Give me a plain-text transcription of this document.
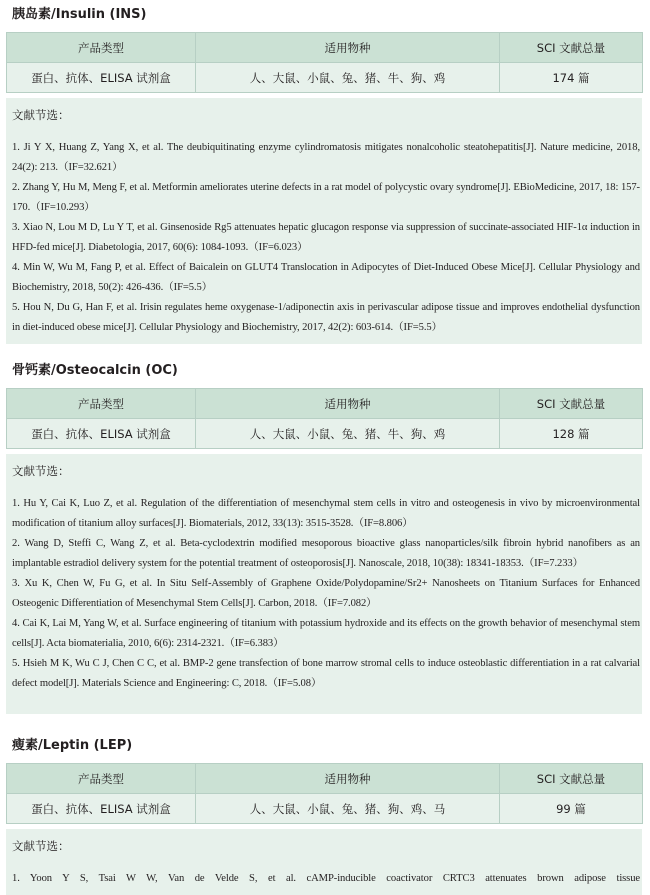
胰岛素/Insulin (INS)
产品类型	适用物种	SCI 文献总量
蛋白、抗体、ELISA 试剂盒	人、大鼠、小鼠、兔、猪、牛、狗、鸡	174 篇
文献节选：
1. Ji Y X, Huang Z, Yang X, et al. The deubiquitinating enzyme cylindromatosis mitigates nonalcoholic steatohepatitis[J]. Nature medicine, 2018, 24(2): 213.（IF=32.621）
2. Zhang Y, Hu M, Meng F, et al. Metformin ameliorates uterine defects in a rat model of polycystic ovary syndrome[J]. EBioMedicine, 2017, 18: 157-170.（IF=10.293）
3. Xiao N, Lou M D, Lu Y T, et al. Ginsenoside Rg5 attenuates hepatic glucagon response via suppression of succinate-associated HIF-1α induction in HFD-fed mice[J]. Diabetologia, 2017, 60(6): 1084-1093.（IF=6.023）
4. Min W, Wu M, Fang P, et al. Effect of Baicalein on GLUT4 Translocation in Adipocytes of Diet-Induced Obese Mice[J]. Cellular Physiology and Biochemistry, 2018, 50(2): 426-436.（IF=5.5）
5. Hou N, Du G, Han F, et al. Irisin regulates heme oxygenase-1/adiponectin axis in perivascular adipose tissue and improves endothelial dysfunction in diet-induced obese mice[J]. Cellular Physiology and Biochemistry, 2017, 42(2): 603-614.（IF=5.5）
骨钙素/Osteocalcin (OC)
产品类型	适用物种	SCI 文献总量
蛋白、抗体、ELISA 试剂盒	人、大鼠、小鼠、兔、猪、牛、狗、鸡	128 篇
文献节选：
1. Hu Y, Cai K, Luo Z, et al. Regulation of the differentiation of mesenchymal stem cells in vitro and osteogenesis in vivo by microenvironmental modification of titanium alloy surfaces[J]. Biomaterials, 2012, 33(13): 3515-3528.（IF=8.806）
2. Wang D, Steffi C, Wang Z, et al. Beta-cyclodextrin modified mesoporous bioactive glass nanoparticles/silk fibroin hybrid nanofibers as an implantable estradiol delivery system for the potential treatment of osteoporosis[J]. Nanoscale, 2018, 10(38): 18341-18353.（IF=7.233）
3. Xu K, Chen W, Fu G, et al. In Situ Self-Assembly of Graphene Oxide/Polydopamine/Sr2+ Nanosheets on Titanium Surfaces for Enhanced Osteogenic Differentiation of Mesenchymal Stem Cells[J]. Carbon, 2018.（IF=7.082）
4. Cai K, Lai M, Yang W, et al. Surface engineering of titanium with potassium hydroxide and its effects on the growth behavior of mesenchymal stem cells[J]. Acta biomaterialia, 2010, 6(6): 2314-2321.（IF=6.383）
5. Hsieh M K, Wu C J, Chen C C, et al. BMP-2 gene transfection of bone marrow stromal cells to induce osteoblastic differentiation in a rat calvarial defect model[J]. Materials Science and Engineering: C, 2018.（IF=5.08）
瘦素/Leptin (LEP)
产品类型	适用物种	SCI 文献总量
蛋白、抗体、ELISA 试剂盒	人、大鼠、小鼠、兔、猪、狗、鸡、马	99 篇
文献节选：
1. Yoon Y S, Tsai W W, Van de Velde S, et al. cAMP-inducible coactivator CRTC3 attenuates brown adipose tissue
